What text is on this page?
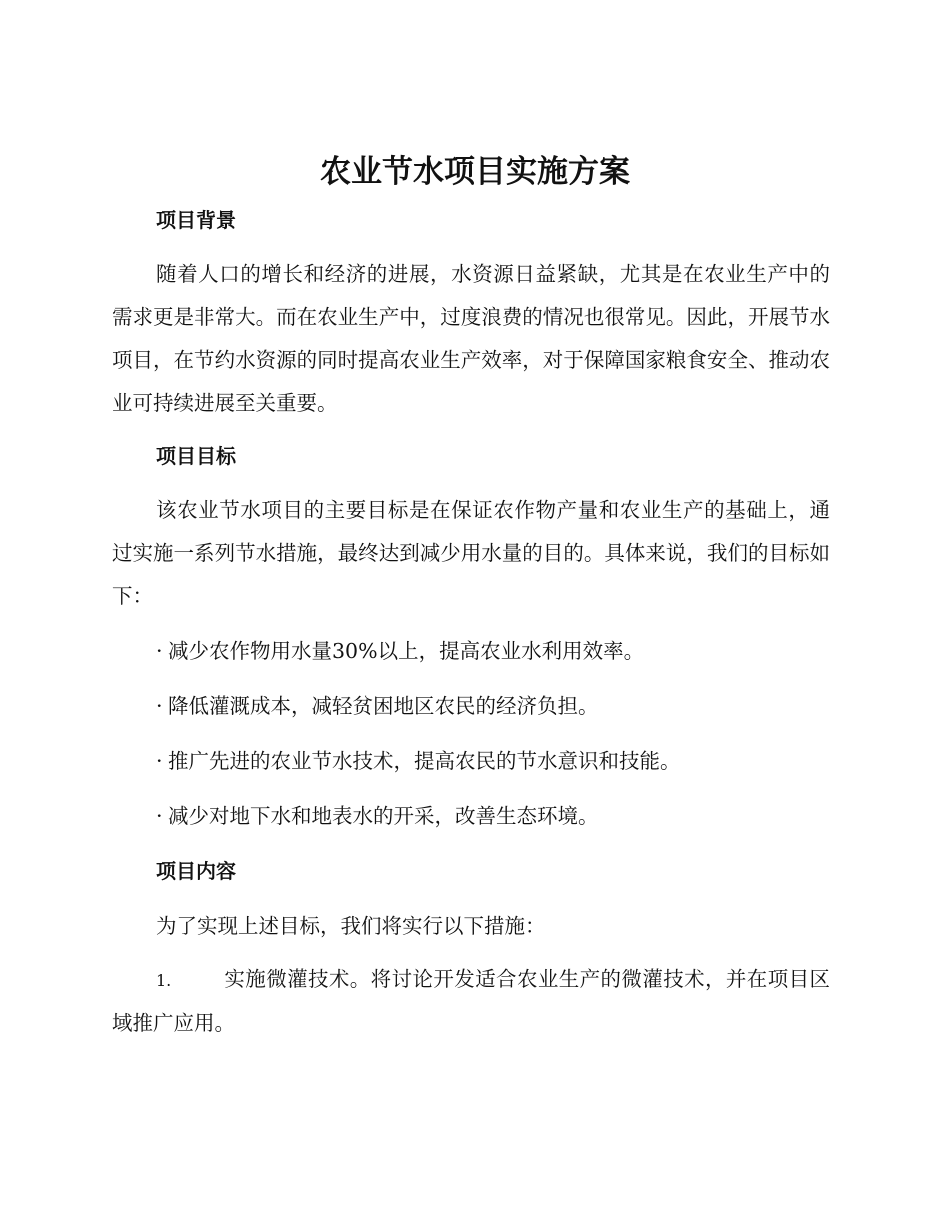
农业节水项目实施方案
项目背景

随着人口的增长和经济的进展，水资源日益紧缺，尤其是在农业生产中的需求更是非常大。而在农业生产中，过度浪费的情况也很常见。因此，开展节水项目，在节约水资源的同时提高农业生产效率，对于保障国家粮食安全、推动农业可持续进展至关重要。

项目目标

该农业节水项目的主要目标是在保证农作物产量和农业生产的基础上，通过实施一系列节水措施，最终达到减少用水量的目的。具体来说，我们的目标如下：

· 减少农作物用水量30%以上，提高农业水利用效率。

· 降低灌溉成本，减轻贫困地区农民的经济负担。

· 推广先进的农业节水技术，提高农民的节水意识和技能。

· 减少对地下水和地表水的开采，改善生态环境。

项目内容

为了实现上述目标，我们将实行以下措施：

1.	实施微灌技术。将讨论开发适合农业生产的微灌技术，并在项目区域推广应用。
